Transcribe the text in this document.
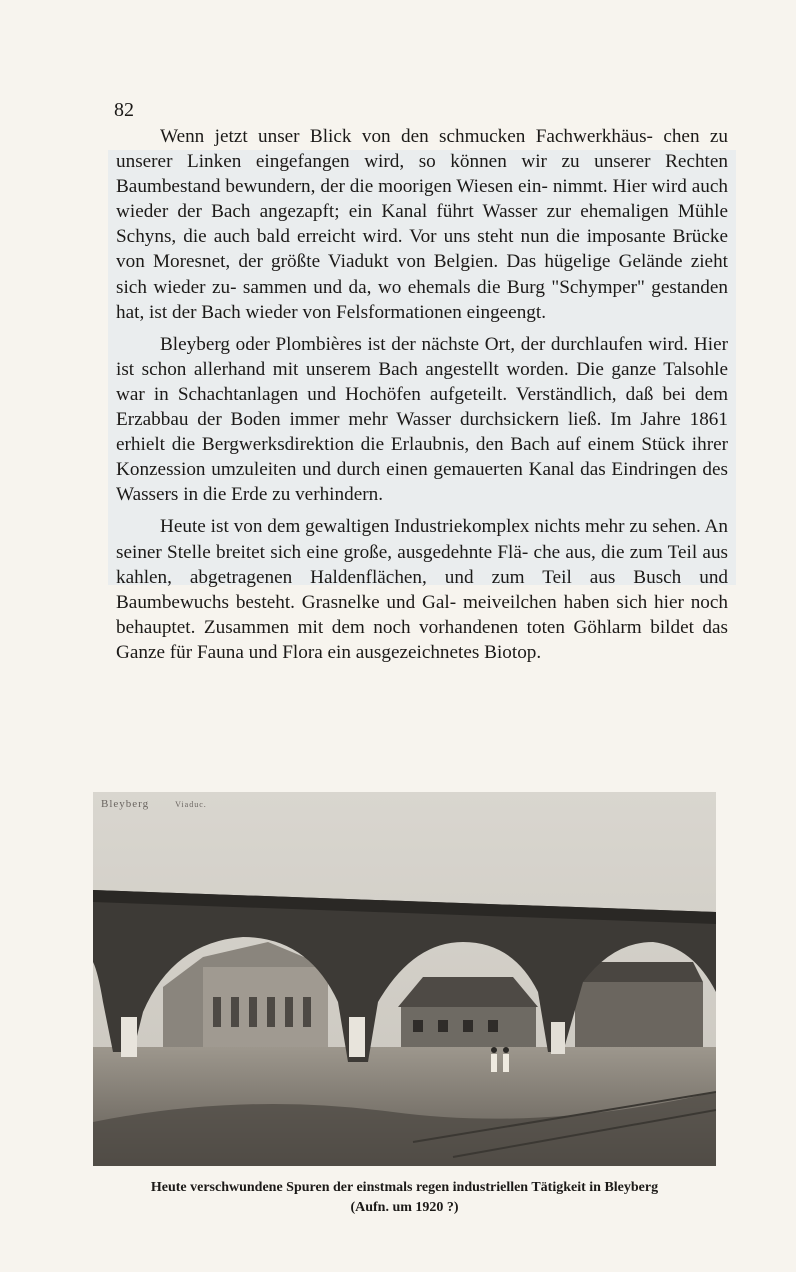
82

Wenn jetzt unser Blick von den schmucken Fachwerkhäus- chen zu unserer Linken eingefangen wird, so können wir zu unserer Rechten Baumbestand bewundern, der die moorigen Wiesen ein- nimmt. Hier wird auch wieder der Bach angezapft; ein Kanal führt Wasser zur ehemaligen Mühle Schyns, die auch bald erreicht wird. Vor uns steht nun die imposante Brücke von Moresnet, der größte Viadukt von Belgien. Das hügelige Gelände zieht sich wieder zu- sammen und da, wo ehemals die Burg "Schymper" gestanden hat, ist der Bach wieder von Felsformationen eingeengt.

Bleyberg oder Plombières ist der nächste Ort, der durchlaufen wird. Hier ist schon allerhand mit unserem Bach angestellt worden. Die ganze Talsohle war in Schachtanlagen und Hochöfen aufgeteilt. Verständlich, daß bei dem Erzabbau der Boden immer mehr Wasser durchsickern ließ. Im Jahre 1861 erhielt die Bergwerksdirektion die Erlaubnis, den Bach auf einem Stück ihrer Konzession umzuleiten und durch einen gemauerten Kanal das Eindringen des Wassers in die Erde zu verhindern.

Heute ist von dem gewaltigen Industriekomplex nichts mehr zu sehen. An seiner Stelle breitet sich eine große, ausgedehnte Flä- che aus, die zum Teil aus kahlen, abgetragenen Haldenflächen, und zum Teil aus Busch und Baumbewuchs besteht. Grasnelke und Gal- meiveilchen haben sich hier noch behauptet. Zusammen mit dem noch vorhandenen toten Göhlarm bildet das Ganze für Fauna und Flora ein ausgezeichnetes Biotop.

Bleyberg	Viaduc.
Heute verschwundene Spuren der einstmals regen industriellen Tätigkeit in Bleyberg
(Aufn. um 1920 ?)
